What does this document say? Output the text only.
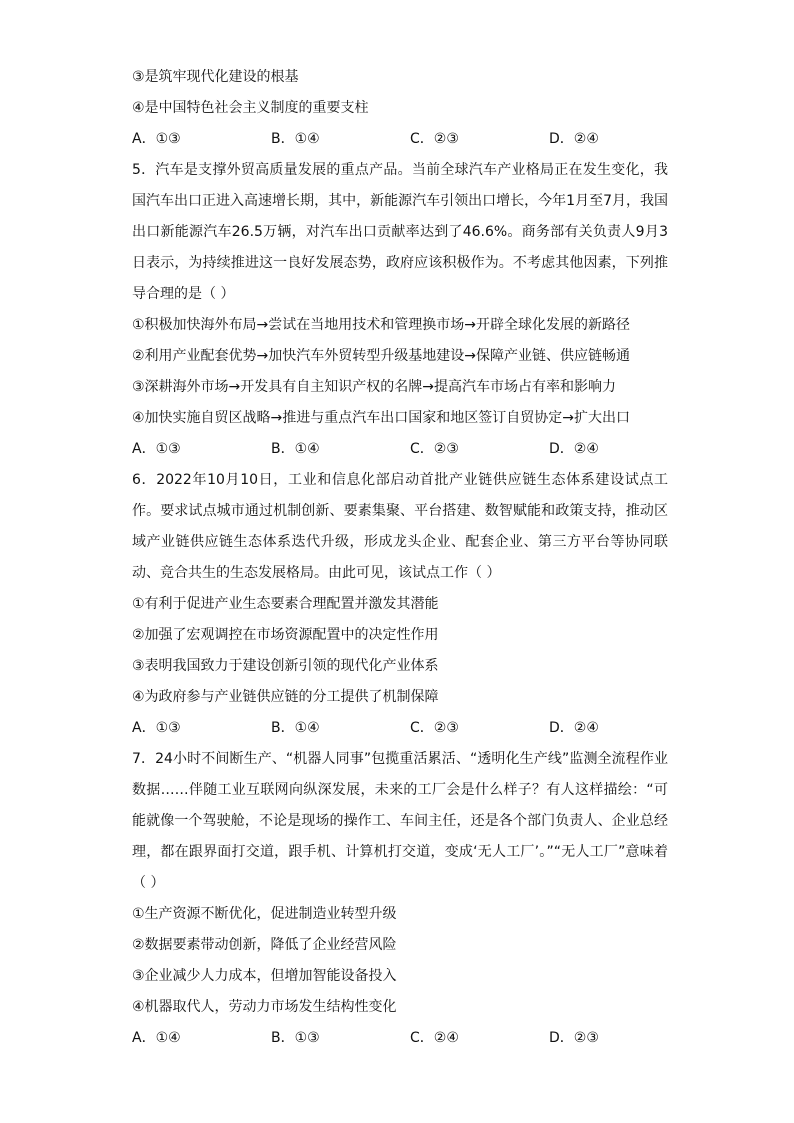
③是筑牢现代化建设的根基
④是中国特色社会主义制度的重要支柱
A．①③	B．①④	C．②③	D．②④
5．汽车是支撑外贸高质量发展的重点产品。当前全球汽车产业格局正在发生变化，我国汽车出口正进入高速增长期，其中，新能源汽车引领出口增长，今年1月至7月，我国出口新能源汽车26.5万辆，对汽车出口贡献率达到了46.6%。商务部有关负责人9月3日表示，为持续推进这一良好发展态势，政府应该积极作为。不考虑其他因素，下列推导合理的是（ ）
①积极加快海外布局→尝试在当地用技术和管理换市场→开辟全球化发展的新路径
②利用产业配套优势→加快汽车外贸转型升级基地建设→保障产业链、供应链畅通
③深耕海外市场→开发具有自主知识产权的名牌→提高汽车市场占有率和影响力
④加快实施自贸区战略→推进与重点汽车出口国家和地区签订自贸协定→扩大出口
A．①③	B．①④	C．②③	D．②④
6．2022年10月10日，工业和信息化部启动首批产业链供应链生态体系建设试点工作。要求试点城市通过机制创新、要素集聚、平台搭建、数智赋能和政策支持，推动区域产业链供应链生态体系迭代升级，形成龙头企业、配套企业、第三方平台等协同联动、竞合共生的生态发展格局。由此可见，该试点工作（ ）
①有利于促进产业生态要素合理配置并激发其潜能
②加强了宏观调控在市场资源配置中的决定性作用
③表明我国致力于建设创新引领的现代化产业体系
④为政府参与产业链供应链的分工提供了机制保障
A．①③	B．①④	C．②③	D．②④
7．24小时不间断生产、“机器人同事”包揽重活累活、“透明化生产线”监测全流程作业数据……伴随工业互联网向纵深发展，未来的工厂会是什么样子？有人这样描绘：“可能就像一个驾驶舱，不论是现场的操作工、车间主任，还是各个部门负责人、企业总经理，都在跟界面打交道，跟手机、计算机打交道，变成‘无人工厂’。”“无人工厂”意味着（ ）
①生产资源不断优化，促进制造业转型升级
②数据要素带动创新，降低了企业经营风险
③企业减少人力成本，但增加智能设备投入
④机器取代人，劳动力市场发生结构性变化
A．①④	B．①③	C．②④	D．②③
